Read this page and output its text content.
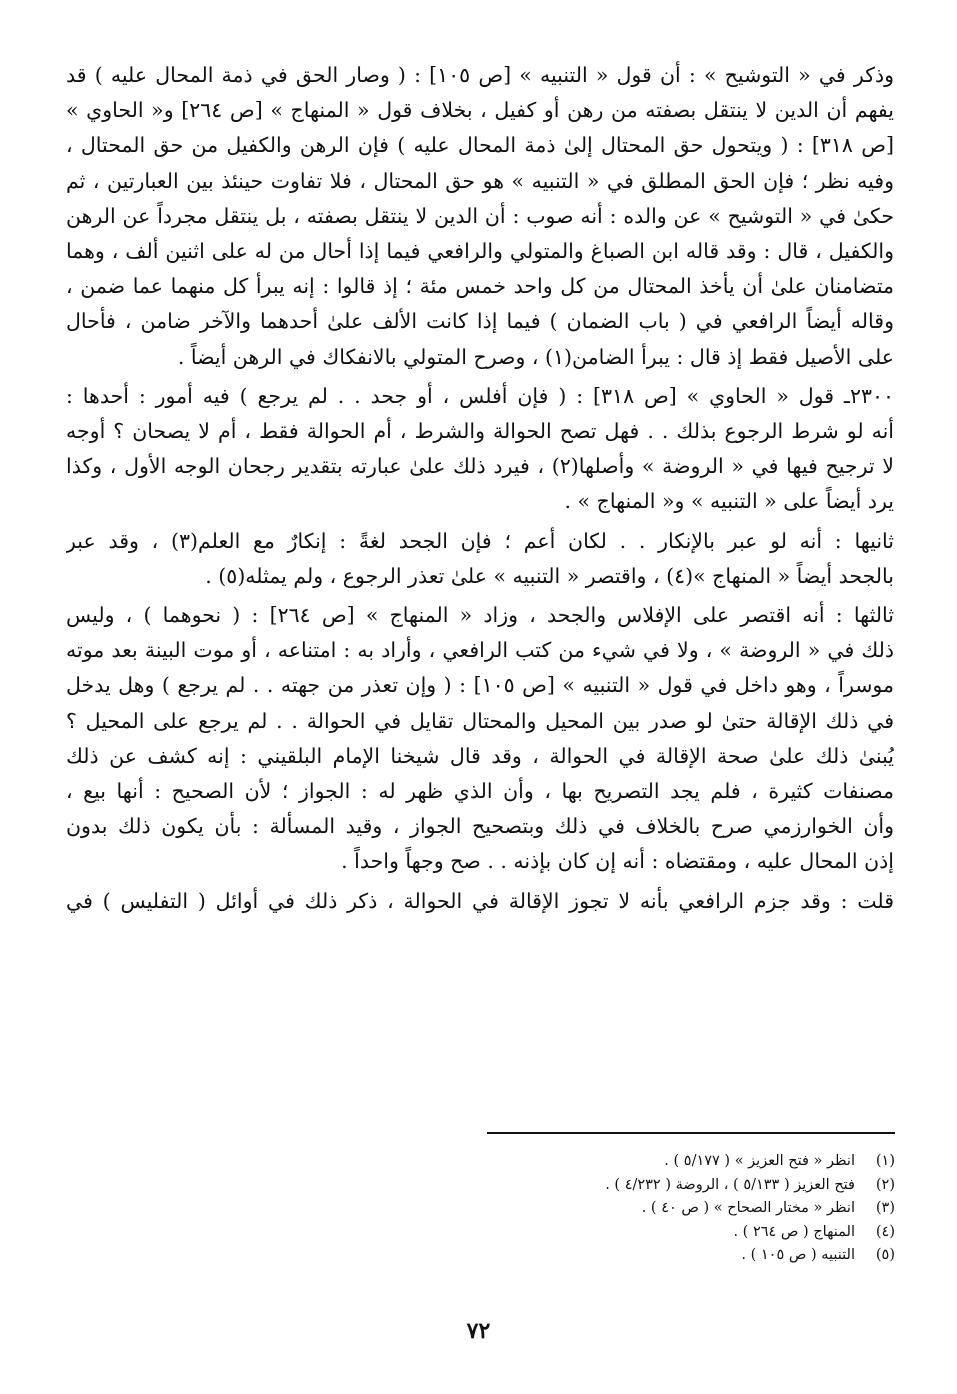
وذكر في « التوشيح » : أن قول « التنبيه » [ص ١٠٥] : ( وصار الحق في ذمة المحال عليه ) قد
يفهم أن الدين لا ينتقل بصفته من رهن أو كفيل ، بخلاف قول « المنهاج » [ص ٢٦٤] و« الحاوي »
[ص ٣١٨] : ( ويتحول حق المحتال إلىٰ ذمة المحال عليه ) فإن الرهن والكفيل من حق المحتال ،
وفيه نظر ؛ فإن الحق المطلق في « التنبيه » هو حق المحتال ، فلا تفاوت حينئذ بين العبارتين ، ثم
حكىٰ في « التوشيح » عن والده : أنه صوب : أن الدين لا ينتقل بصفته ، بل ينتقل مجرداً عن الرهن
والكفيل ، قال : وقد قاله ابن الصباغ والمتولي والرافعي فيما إذا أحال من له على اثنين ألف ، وهما
متضامنان علىٰ أن يأخذ المحتال من كل واحد خمس مئة ؛ إذ قالوا : إنه يبرأ كل منهما عما ضمن ،
وقاله أيضاً الرافعي في ( باب الضمان ) فيما إذا كانت الألف علىٰ أحدهما والآخر ضامن ، فأحال
على الأصيل فقط إذ قال : يبرأ الضامن(١) ، وصرح المتولي بالانفكاك في الرهن أيضاً .
٢٣٠٠ـ قول « الحاوي » [ص ٣١٨] : ( فإن أفلس ، أو جحد . . لم يرجع ) فيه أمور : أحدها :
أنه لو شرط الرجوع بذلك . . فهل تصح الحوالة والشرط ، أم الحوالة فقط ، أم لا يصحان ؟ أوجه
لا ترجيح فيها في « الروضة » وأصلها(٢) ، فيرد ذلك علىٰ عبارته بتقدير رجحان الوجه الأول ، وكذا
يرد أيضاً على « التنبيه » و« المنهاج » .
ثانيها : أنه لو عبر بالإنكار . . لكان أعم ؛ فإن الجحد لغةً : إنكارٌ مع العلم(٣) ، وقد عبر
بالجحد أيضاً « المنهاج »(٤) ، واقتصر « التنبيه » علىٰ تعذر الرجوع ، ولم يمثله(٥) .
ثالثها : أنه اقتصر على الإفلاس والجحد ، وزاد « المنهاج » [ص ٢٦٤] : ( نحوهما ) ، وليس
ذلك في « الروضة » ، ولا في شيء من كتب الرافعي ، وأراد به : امتناعه ، أو موت البينة بعد موته
موسراً ، وهو داخل في قول « التنبيه » [ص ١٠٥] : ( وإن تعذر من جهته . . لم يرجع ) وهل يدخل
في ذلك الإقالة حتىٰ لو صدر بين المحيل والمحتال تقايل في الحوالة . . لم يرجع على المحيل ؟
يُبنىٰ ذلك علىٰ صحة الإقالة في الحوالة ، وقد قال شيخنا الإمام البلقيني : إنه كشف عن ذلك
مصنفات كثيرة ، فلم يجد التصريح بها ، وأن الذي ظهر له : الجواز ؛ لأن الصحيح : أنها بيع ،
وأن الخوارزمي صرح بالخلاف في ذلك وبتصحيح الجواز ، وقيد المسألة : بأن يكون ذلك بدون
إذن المحال عليه ، ومقتضاه : أنه إن كان بإذنه . . صح وجهاً واحداً .
قلت : وقد جزم الرافعي بأنه لا تجوز الإقالة في الحوالة ، ذكر ذلك في أوائل ( التفليس ) في
(١)
انظر « فتح العزيز » ( ٥/١٧٧ ) .
(٢)
فتح العزيز ( ٥/١٣٣ ) ، الروضة ( ٤/٢٣٢ ) .
(٣)
انظر « مختار الصحاح » ( ص ٤٠ ) .
(٤)
المنهاج ( ص ٢٦٤ ) .
(٥)
التنبيه ( ص ١٠٥ ) .
٧٢
